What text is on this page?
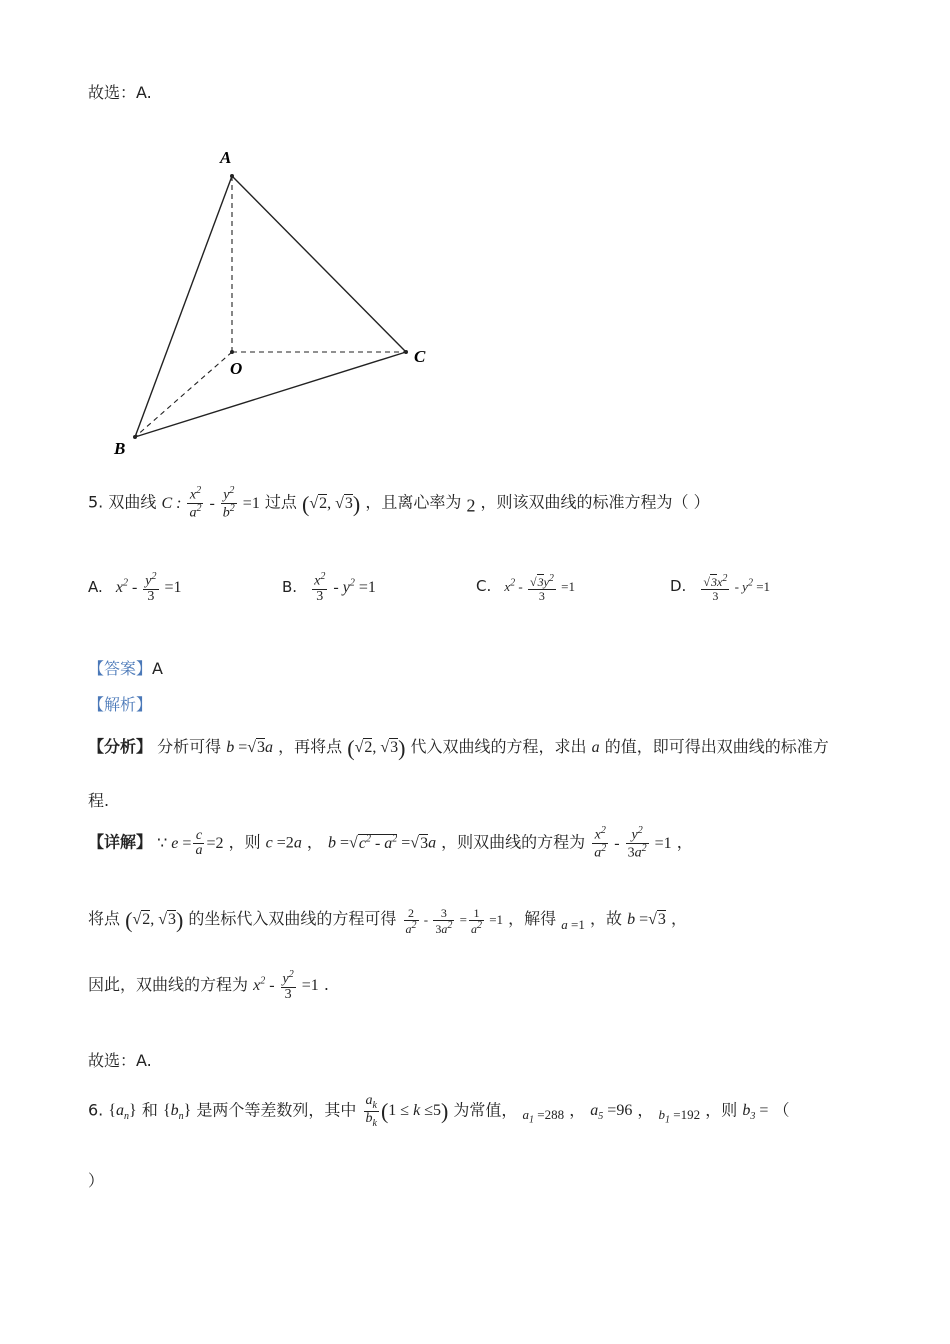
故选：A.
A
B
C
O
5. 双曲线 C : $\frac{x^2}{a^2} - \frac{y^2}{b^2} =1$ 过点 (√2, √3) ，且离心率为 2 ，则该双曲线的标准方程为（ ）
A. $x^2 - \frac{y^2}{3} =1$	B. $\frac{x^2}{3} - y^2 =1$	C. $x^2 - \frac{√3y^2}{3} =1$	D. $\frac{√3x^2}{3} - y^2 =1$
【答案】A
【解析】
【分析】 分析可得 b =√3a ，再将点 (√2, √3) 代入双曲线的方程，求出 a 的值，即可得出双曲线的标准方
程.
【详解】 ∵ $e = \frac{c}{a} =2$ ，则 c =2a ， $b =√c^2 - a^2 =√3a$ ，则双曲线的方程为 $\frac{x^2}{a^2} - \frac{y^2}{3a^2} =1$ ，
将点 (√2, √3) 的坐标代入双曲线的方程可得 $\frac{2}{a^2} - \frac{3}{3a^2} = \frac{1}{a^2} =1$ ，解得 $_{a =1}$ ，故 b =√3 ，
因此，双曲线的方程为 $x^2 - \frac{y^2}{3} =1$ .
故选：A.
6. $\{a_n\}$ 和 $\{b_n\}$ 是两个等差数列，其中 $\frac{a_k}{b_k} (1 \le k \le 5)$ 为常值， $_{a_1 =288}$ ， $a_5 =96$ ， $_{b_1 =192}$ ，则 $b_3$ = （
）
